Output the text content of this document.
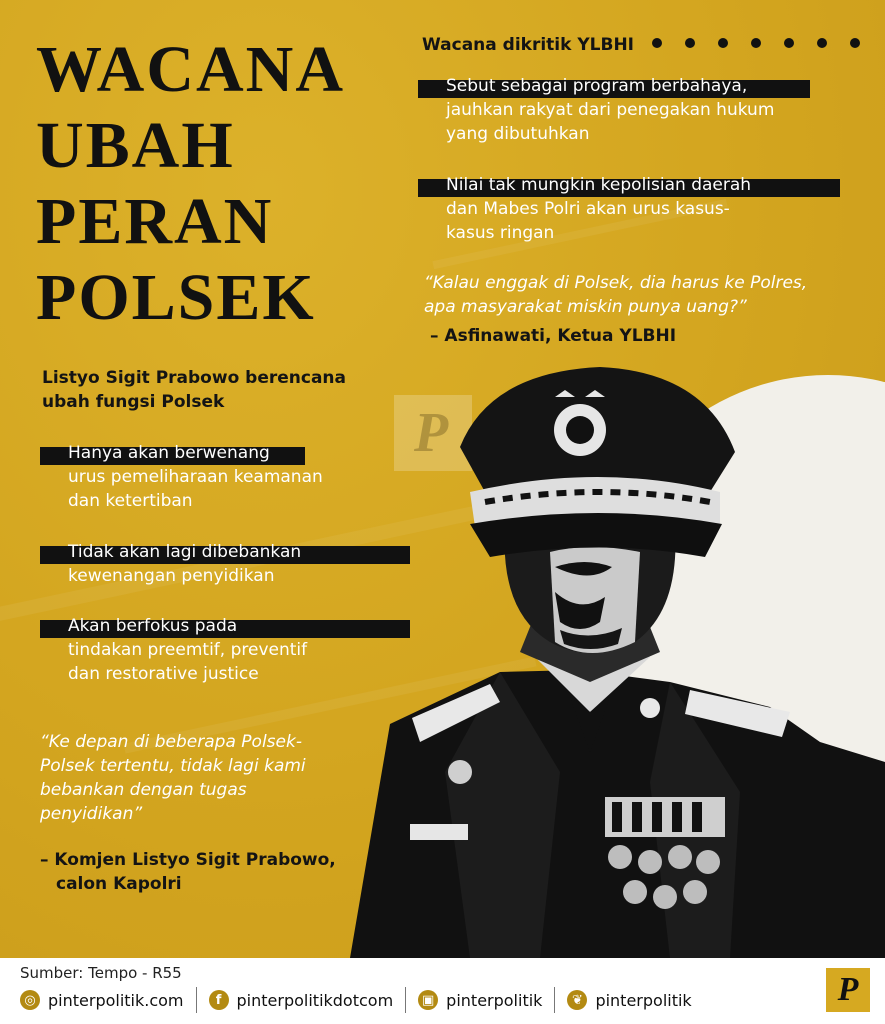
P
WACANA
UBAH
PERAN
POLSEK
Wacana dikritik YLBHI
Sebut sebagai program berbahaya,
jauhkan rakyat dari penegakan hukum
yang dibutuhkan
Nilai tak mungkin kepolisian daerah
dan Mabes Polri akan urus kasus-
kasus ringan
“Kalau enggak di Polsek, dia harus ke Polres,
apa masyarakat miskin punya uang?”
– Asfinawati, Ketua YLBHI
Listyo Sigit Prabowo berencana
ubah fungsi Polsek
Hanya akan berwenang
urus pemeliharaan keamanan
dan ketertiban
Tidak akan lagi dibebankan
kewenangan penyidikan
Akan berfokus pada
tindakan preemtif, preventif
dan restorative justice
“Ke depan di beberapa Polsek-
Polsek tertentu, tidak lagi kami
bebankan dengan tugas
penyidikan”
– Komjen Listyo Sigit Prabowo,
calon Kapolri
Sumber: Tempo - R55
◎ pinterpolitik.com	f pinterpolitikdotcom ▣ pinterpolitik	❦ pinterpolitik	P
